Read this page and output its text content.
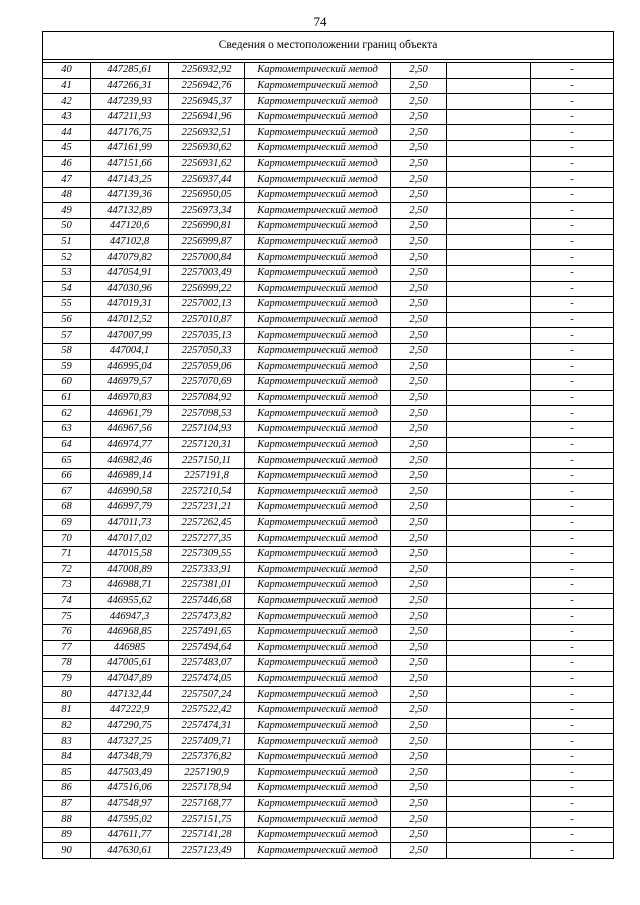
74
Сведения о местоположении границ объекта						

40	447285,61	2256932,92	Картометрический метод	2,50		-
41	447266,31	2256942,76	Картометрический метод	2,50		-
42	447239,93	2256945,37	Картометрический метод	2,50		-
43	447211,93	2256941,96	Картометрический метод	2,50		-
44	447176,75	2256932,51	Картометрический метод	2,50		-
45	447161,99	2256930,62	Картометрический метод	2,50		-
46	447151,66	2256931,62	Картометрический метод	2,50		-
47	447143,25	2256937,44	Картометрический метод	2,50		-
48	447139,36	2256950,05	Картометрический метод	2,50		-
49	447132,89	2256973,34	Картометрический метод	2,50		-
50	447120,6	2256990,81	Картометрический метод	2,50		-
51	447102,8	2256999,87	Картометрический метод	2,50		-
52	447079,82	2257000,84	Картометрический метод	2,50		-
53	447054,91	2257003,49	Картометрический метод	2,50		-
54	447030,96	2256999,22	Картометрический метод	2,50		-
55	447019,31	2257002,13	Картометрический метод	2,50		-
56	447012,52	2257010,87	Картометрический метод	2,50		-
57	447007,99	2257035,13	Картометрический метод	2,50		-
58	447004,1	2257050,33	Картометрический метод	2,50		-
59	446995,04	2257059,06	Картометрический метод	2,50		-
60	446979,57	2257070,69	Картометрический метод	2,50		-
61	446970,83	2257084,92	Картометрический метод	2,50		-
62	446961,79	2257098,53	Картометрический метод	2,50		-
63	446967,56	2257104,93	Картометрический метод	2,50		-
64	446974,77	2257120,31	Картометрический метод	2,50		-
65	446982,46	2257150,11	Картометрический метод	2,50		-
66	446989,14	2257191,8	Картометрический метод	2,50		-
67	446990,58	2257210,54	Картометрический метод	2,50		-
68	446997,79	2257231,21	Картометрический метод	2,50		-
69	447011,73	2257262,45	Картометрический метод	2,50		-
70	447017,02	2257277,35	Картометрический метод	2,50		-
71	447015,58	2257309,55	Картометрический метод	2,50		-
72	447008,89	2257333,91	Картометрический метод	2,50		-
73	446988,71	2257381,01	Картометрический метод	2,50		-
74	446955,62	2257446,68	Картометрический метод	2,50		-
75	446947,3	2257473,82	Картометрический метод	2,50		-
76	446968,85	2257491,65	Картометрический метод	2,50		-
77	446985	2257494,64	Картометрический метод	2,50		-
78	447005,61	2257483,07	Картометрический метод	2,50		-
79	447047,89	2257474,05	Картометрический метод	2,50		-
80	447132,44	2257507,24	Картометрический метод	2,50		-
81	447222,9	2257522,42	Картометрический метод	2,50		-
82	447290,75	2257474,31	Картометрический метод	2,50		-
83	447327,25	2257409,71	Картометрический метод	2,50		-
84	447348,79	2257376,82	Картометрический метод	2,50		-
85	447503,49	2257190,9	Картометрический метод	2,50		-
86	447516,06	2257178,94	Картометрический метод	2,50		-
87	447548,97	2257168,77	Картометрический метод	2,50		-
88	447595,02	2257151,75	Картометрический метод	2,50		-
89	447611,77	2257141,28	Картометрический метод	2,50		-
90	447630,61	2257123,49	Картометрический метод	2,50		-
